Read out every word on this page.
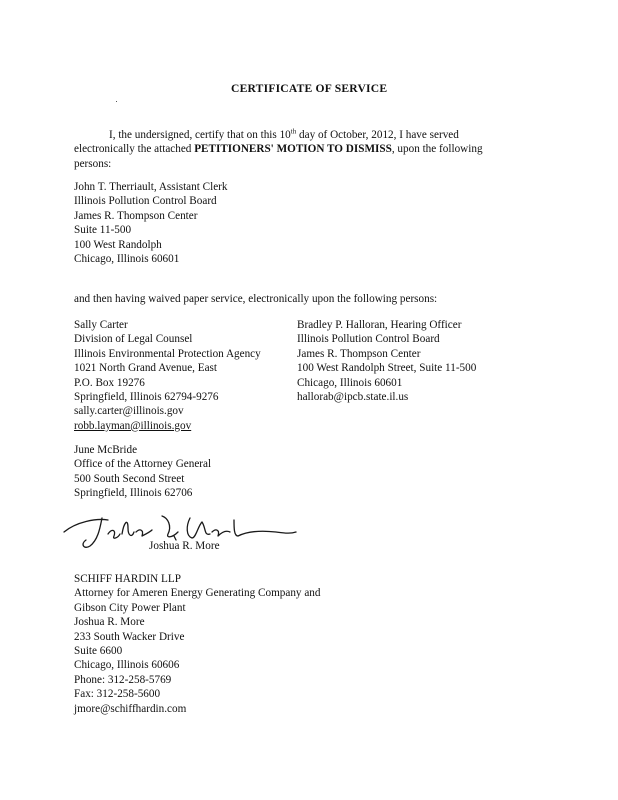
CERTIFICATE OF SERVICE
I, the undersigned, certify that on this 10th day of October, 2012, I have served
electronically the attached PETITIONERS' MOTION TO DISMISS, upon the following
persons:
John T. Therriault, Assistant Clerk
Illinois Pollution Control Board
James R. Thompson Center
Suite 11-500
100 West Randolph
Chicago, Illinois 60601
and then having waived paper service, electronically upon the following persons:
Sally Carter
Division of Legal Counsel
Illinois Environmental Protection Agency
1021 North Grand Avenue, East
P.O. Box 19276
Springfield, Illinois 62794-9276
sally.carter@illinois.gov
robb.layman@illinois.gov
Bradley P. Halloran, Hearing Officer
Illinois Pollution Control Board
James R. Thompson Center
100 West Randolph Street, Suite 11-500
Chicago, Illinois 60601
hallorab@ipcb.state.il.us
June McBride
Office of the Attorney General
500 South Second Street
Springfield, Illinois 62706
Joshua R. More
SCHIFF HARDIN LLP
Attorney for Ameren Energy Generating Company and
Gibson City Power Plant
Joshua R. More
233 South Wacker Drive
Suite 6600
Chicago, Illinois 60606
Phone: 312-258-5769
Fax: 312-258-5600
jmore@schiffhardin.com
